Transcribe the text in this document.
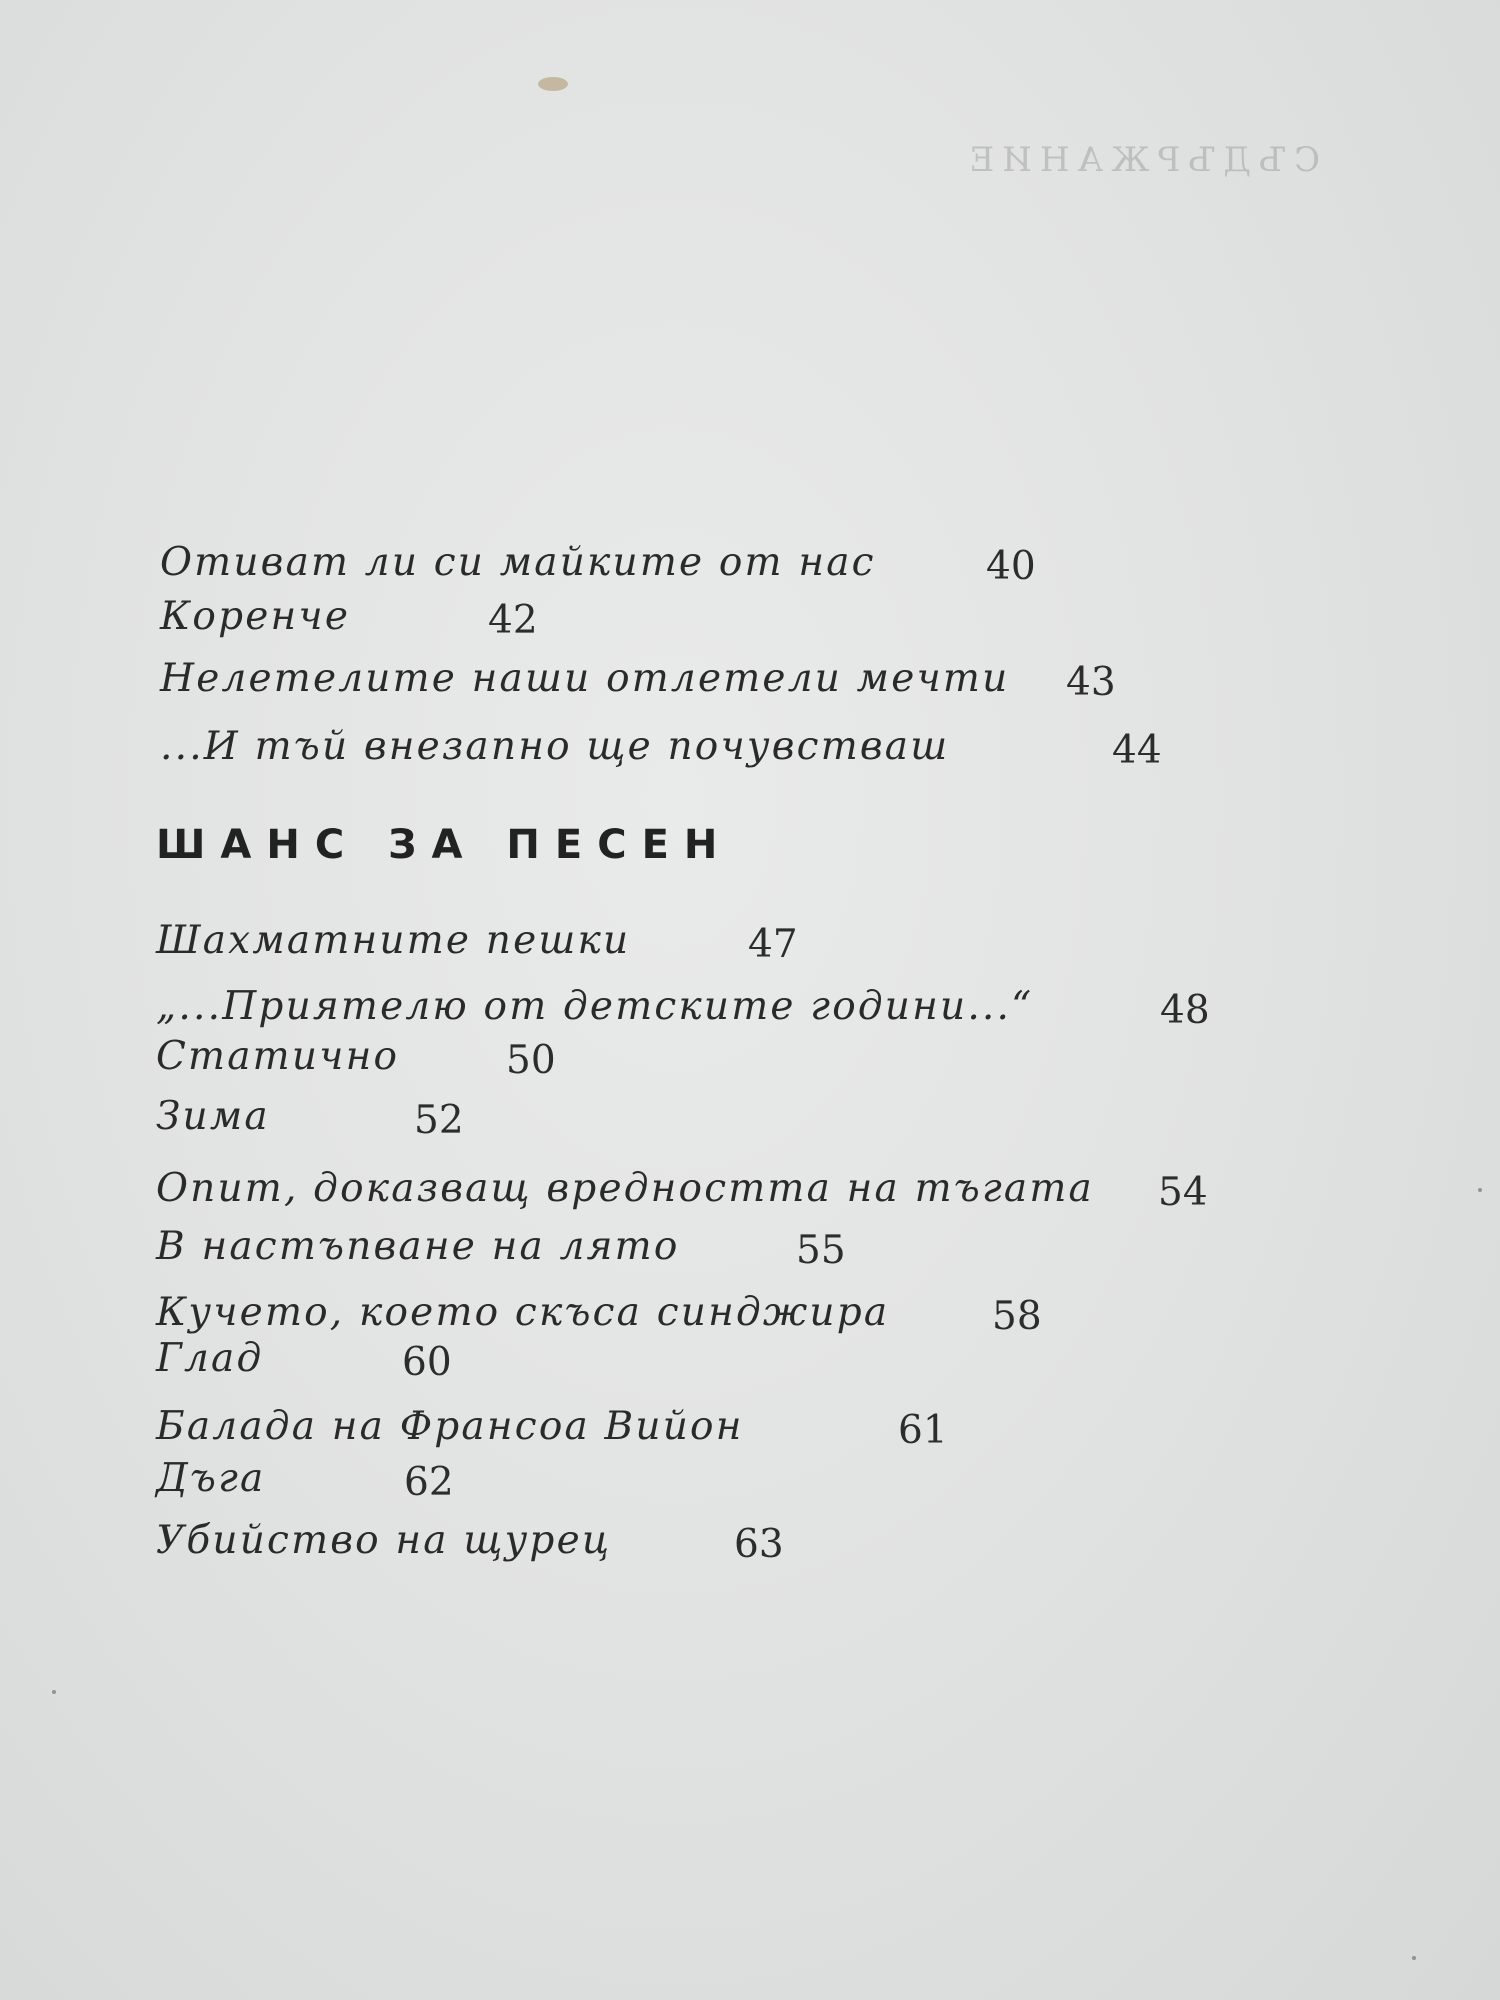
СЪДЪРЖАНИЕ
Отиват ли си майките от нас	40
Коренче	42
Нелетелите наши отлетели мечти 43
...И тъй внезапно ще почувстваш	44
ШАНС ЗА ПЕСЕН
Шахматните пешки	47
„...Приятелю от детските години...“	48
Статично	50
Зима	52
Опит, доказващ вредността на тъгата 54
В настъпване на лято	55
Кучето, което скъса синджира	58
Глад	60
Балада на Франсоа Вийон	61
Дъга	62
Убийство на щурец	63
